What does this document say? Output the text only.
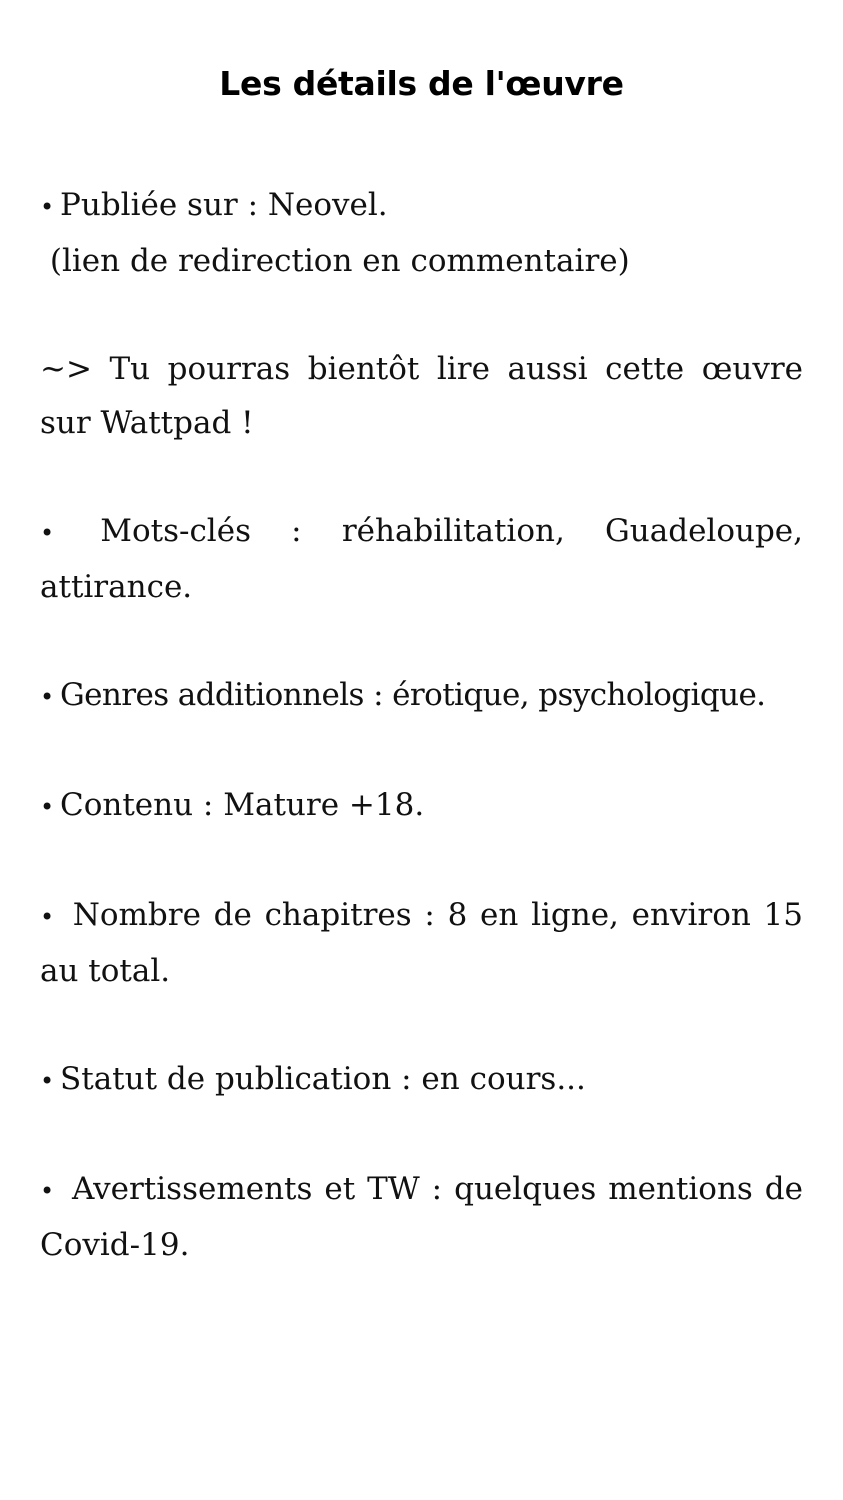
Les détails de l'œuvre

• Publiée sur : Neovel.
(lien de redirection en commentaire)

~> Tu pourras bientôt lire aussi cette œuvre sur Wattpad !

• Mots-clés : réhabilitation, Guadeloupe, attirance.

• Genres additionnels : érotique, psychologique.

• Contenu : Mature +18.

• Nombre de chapitres : 8 en ligne, environ 15 au total.

• Statut de publication : en cours...

• Avertissements et TW : quelques mentions de Covid-19.
